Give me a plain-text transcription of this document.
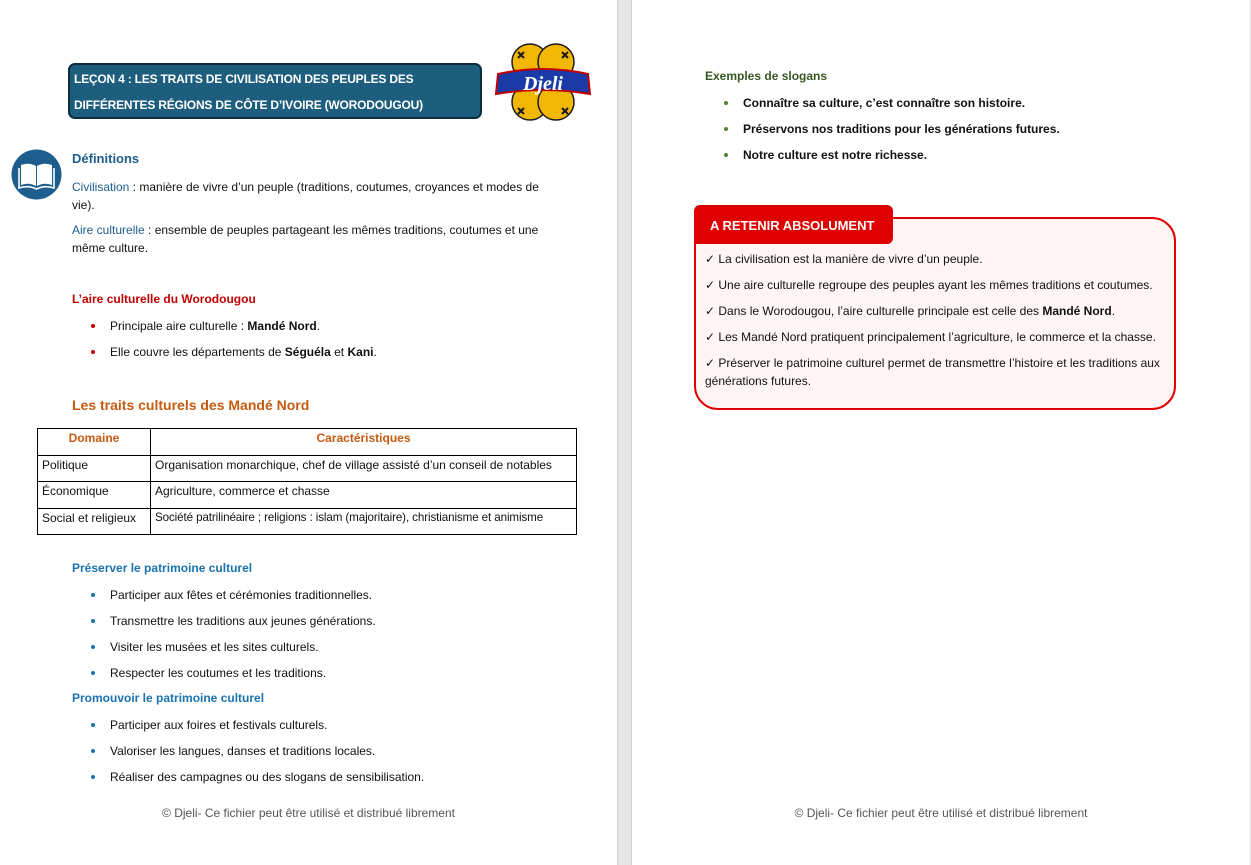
LEÇON 4 : LES TRAITS DE CIVILISATION DES PEUPLES DES DIFFÉRENTES RÉGIONS DE CÔTE D’IVOIRE (WORODOUGOU)
Djeli
Définitions
Civilisation : manière de vivre d’un peuple (traditions, coutumes, croyances et modes de vie).
Aire culturelle : ensemble de peuples partageant les mêmes traditions, coutumes et une même culture.
L’aire culturelle du Worodougou
Principale aire culturelle : Mandé Nord.
Elle couvre les départements de Séguéla et Kani.
Les traits culturels des Mandé Nord
Domaine	Caractéristiques
Politique	Organisation monarchique, chef de village assisté d’un conseil de notables
Économique	Agriculture, commerce et chasse
Social et religieux	Société patrilinéaire ; religions : islam (majoritaire), christianisme et animisme
Préserver le patrimoine culturel
Participer aux fêtes et cérémonies traditionnelles.
Transmettre les traditions aux jeunes générations.
Visiter les musées et les sites culturels.
Respecter les coutumes et les traditions.
Promouvoir le patrimoine culturel
Participer aux foires et festivals culturels.
Valoriser les langues, danses et traditions locales.
Réaliser des campagnes ou des slogans de sensibilisation.
© Djeli- Ce fichier peut être utilisé et distribué librement	© Djeli- Ce fichier peut être utilisé et distribué librement
Exemples de slogans
Connaître sa culture, c’est connaître son histoire.
Préservons nos traditions pour les générations futures.
Notre culture est notre richesse.
A RETENIR ABSOLUMENT
✓ La civilisation est la manière de vivre d’un peuple.
✓ Une aire culturelle regroupe des peuples ayant les mêmes traditions et coutumes.
✓ Dans le Worodougou, l’aire culturelle principale est celle des Mandé Nord.
✓ Les Mandé Nord pratiquent principalement l’agriculture, le commerce et la chasse.
✓ Préserver le patrimoine culturel permet de transmettre l’histoire et les traditions aux générations futures.
